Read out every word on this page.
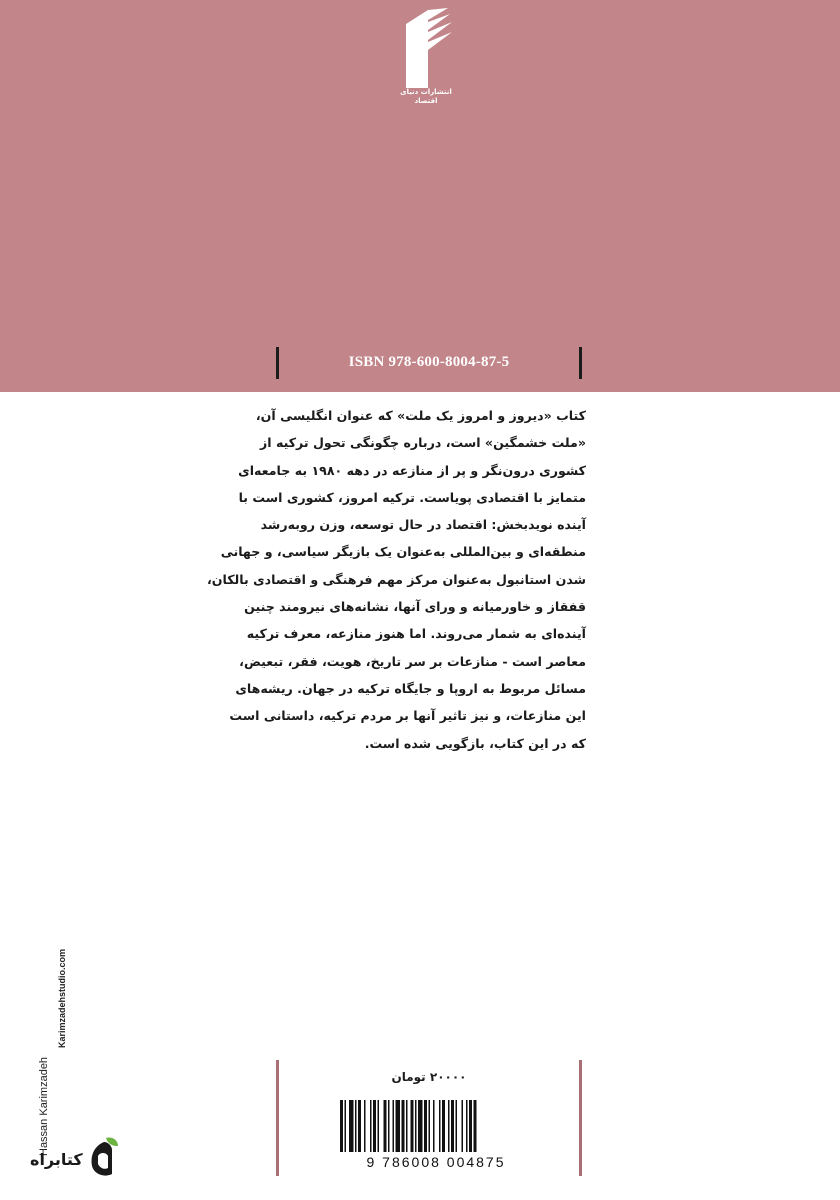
انتشارات دنیای اقتصاد
ISBN 978-600-8004-87-5
کتاب «دیروز و امروز یک ملت» که عنوان انگلیسی آن،
«ملت خشمگین» است، درباره چگونگی تحول ترکیه از
کشوری درون‌نگر و پر از منازعه در دهه ۱۹۸۰ به جامعه‌ای
متمایز با اقتصادی پویاست. ترکیه امروز، کشوری است با
آینده نویدبخش: اقتصاد در حال توسعه، وزن روبه‌رشد
منطقه‌ای و بین‌المللی به‌عنوان یک بازیگر سیاسی، و جهانی
شدن استانبول به‌عنوان مرکز مهم فرهنگی و اقتصادی بالکان،
قفقاز و خاورمیانه و ورای آنها، نشانه‌های نیرومند چنین
آینده‌ای به شمار می‌روند. اما هنوز منازعه، معرف ترکیه
معاصر است - منازعات بر سر تاریخ، هویت، فقر، تبعیض،
مسائل مربوط به اروپا و جایگاه ترکیه در جهان. ریشه‌های
این منازعات، و نیز تاثیر آنها بر مردم ترکیه، داستانی است
که در این کتاب، بازگویی شده است.
Hassan Karimzadeh
Karimzadehstudio.com
۲۰۰۰۰ تومان
9 786008 004875
کتابراه
